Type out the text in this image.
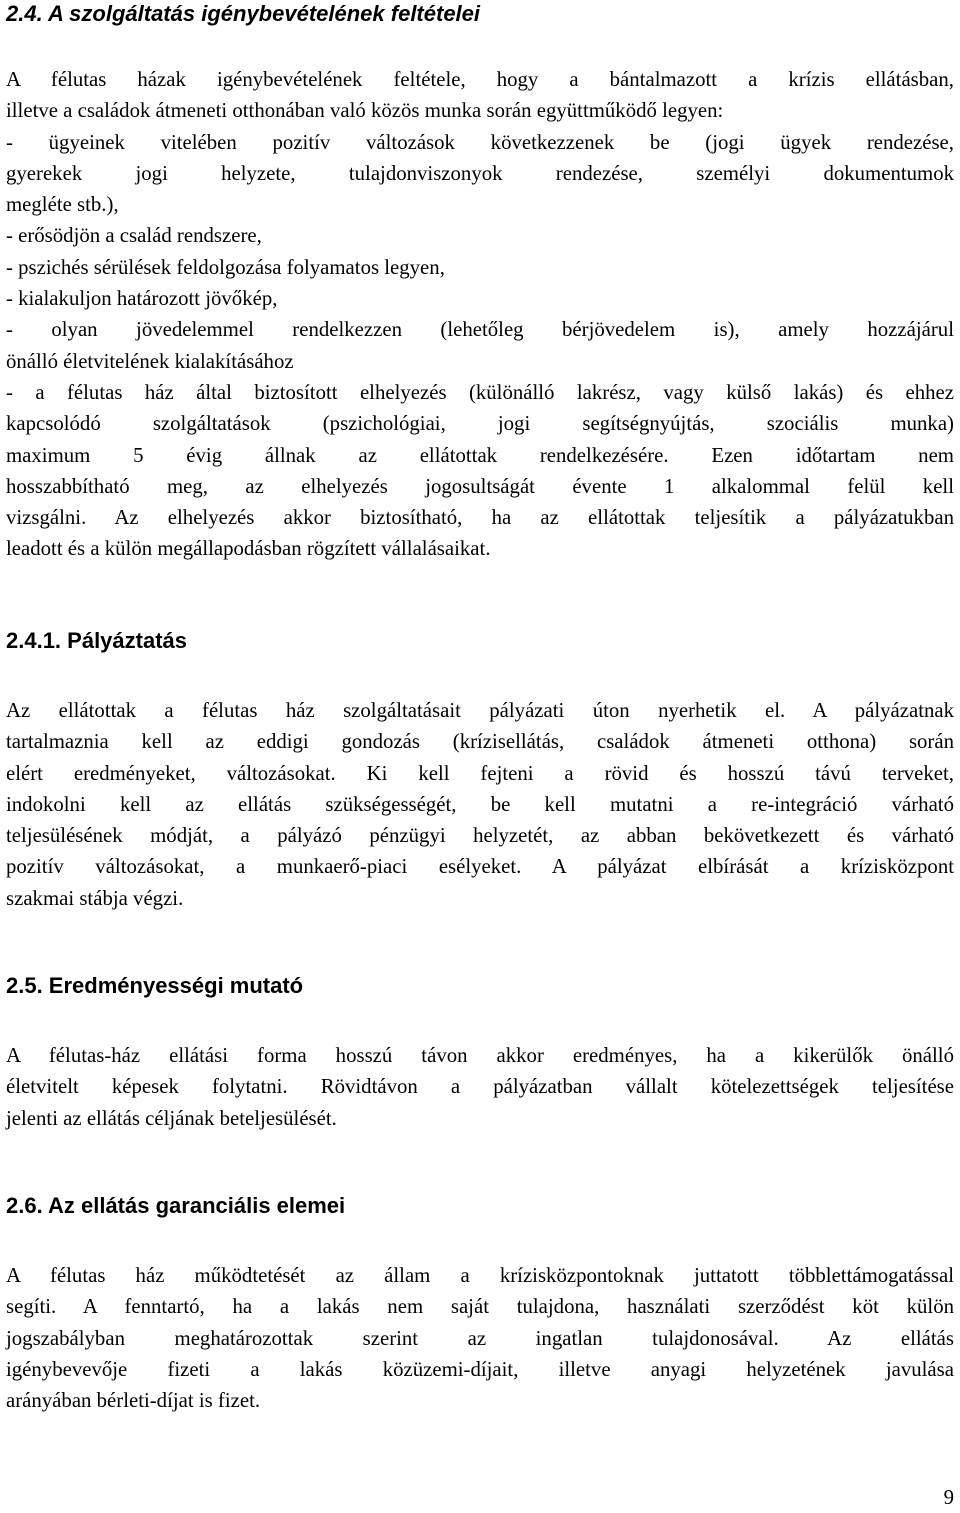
2.4. A szolgáltatás igénybevételének feltételei
A félutas házak igénybevételének feltétele, hogy a bántalmazott a krízis ellátásban,
illetve a családok átmeneti otthonában való közös munka során együttműködő legyen:
- ügyeinek vitelében pozitív változások következzenek be (jogi ügyek rendezése,
gyerekek jogi helyzete, tulajdonviszonyok rendezése, személyi dokumentumok
megléte stb.),
- erősödjön a család rendszere,
- pszichés sérülések feldolgozása folyamatos legyen,
- kialakuljon határozott jövőkép,
- olyan jövedelemmel rendelkezzen (lehetőleg bérjövedelem is), amely hozzájárul
önálló életvitelének kialakításához
- a félutas ház által biztosított elhelyezés (különálló lakrész, vagy külső lakás) és ehhez
kapcsolódó szolgáltatások (pszichológiai, jogi segítségnyújtás, szociális munka)
maximum 5 évig állnak az ellátottak rendelkezésére. Ezen időtartam nem
hosszabbítható meg, az elhelyezés jogosultságát évente 1 alkalommal felül kell
vizsgálni. Az elhelyezés akkor biztosítható, ha az ellátottak teljesítik a pályázatukban
leadott és a külön megállapodásban rögzített vállalásaikat.
2.4.1. Pályáztatás
Az ellátottak a félutas ház szolgáltatásait pályázati úton nyerhetik el. A pályázatnak
tartalmaznia kell az eddigi gondozás (krízisellátás, családok átmeneti otthona) során
elért eredményeket, változásokat. Ki kell fejteni a rövid és hosszú távú terveket,
indokolni kell az ellátás szükségességét, be kell mutatni a re-integráció várható
teljesülésének módját, a pályázó pénzügyi helyzetét, az abban bekövetkezett és várható
pozitív változásokat, a munkaerő-piaci esélyeket. A pályázat elbírását a krízisközpont
szakmai stábja végzi.
2.5. Eredményességi mutató
A félutas-ház ellátási forma hosszú távon akkor eredményes, ha a kikerülők önálló
életvitelt képesek folytatni. Rövidtávon a pályázatban vállalt kötelezettségek teljesítése
jelenti az ellátás céljának beteljesülését.
2.6. Az ellátás garanciális elemei
A félutas ház működtetését az állam a krízisközpontoknak juttatott többlettámogatással
segíti. A fenntartó, ha a lakás nem saját tulajdona, használati szerződést köt külön
jogszabályban meghatározottak szerint az ingatlan tulajdonosával. Az ellátás
igénybevevője fizeti a lakás közüzemi-díjait, illetve anyagi helyzetének javulása
arányában bérleti-díjat is fizet.
9
